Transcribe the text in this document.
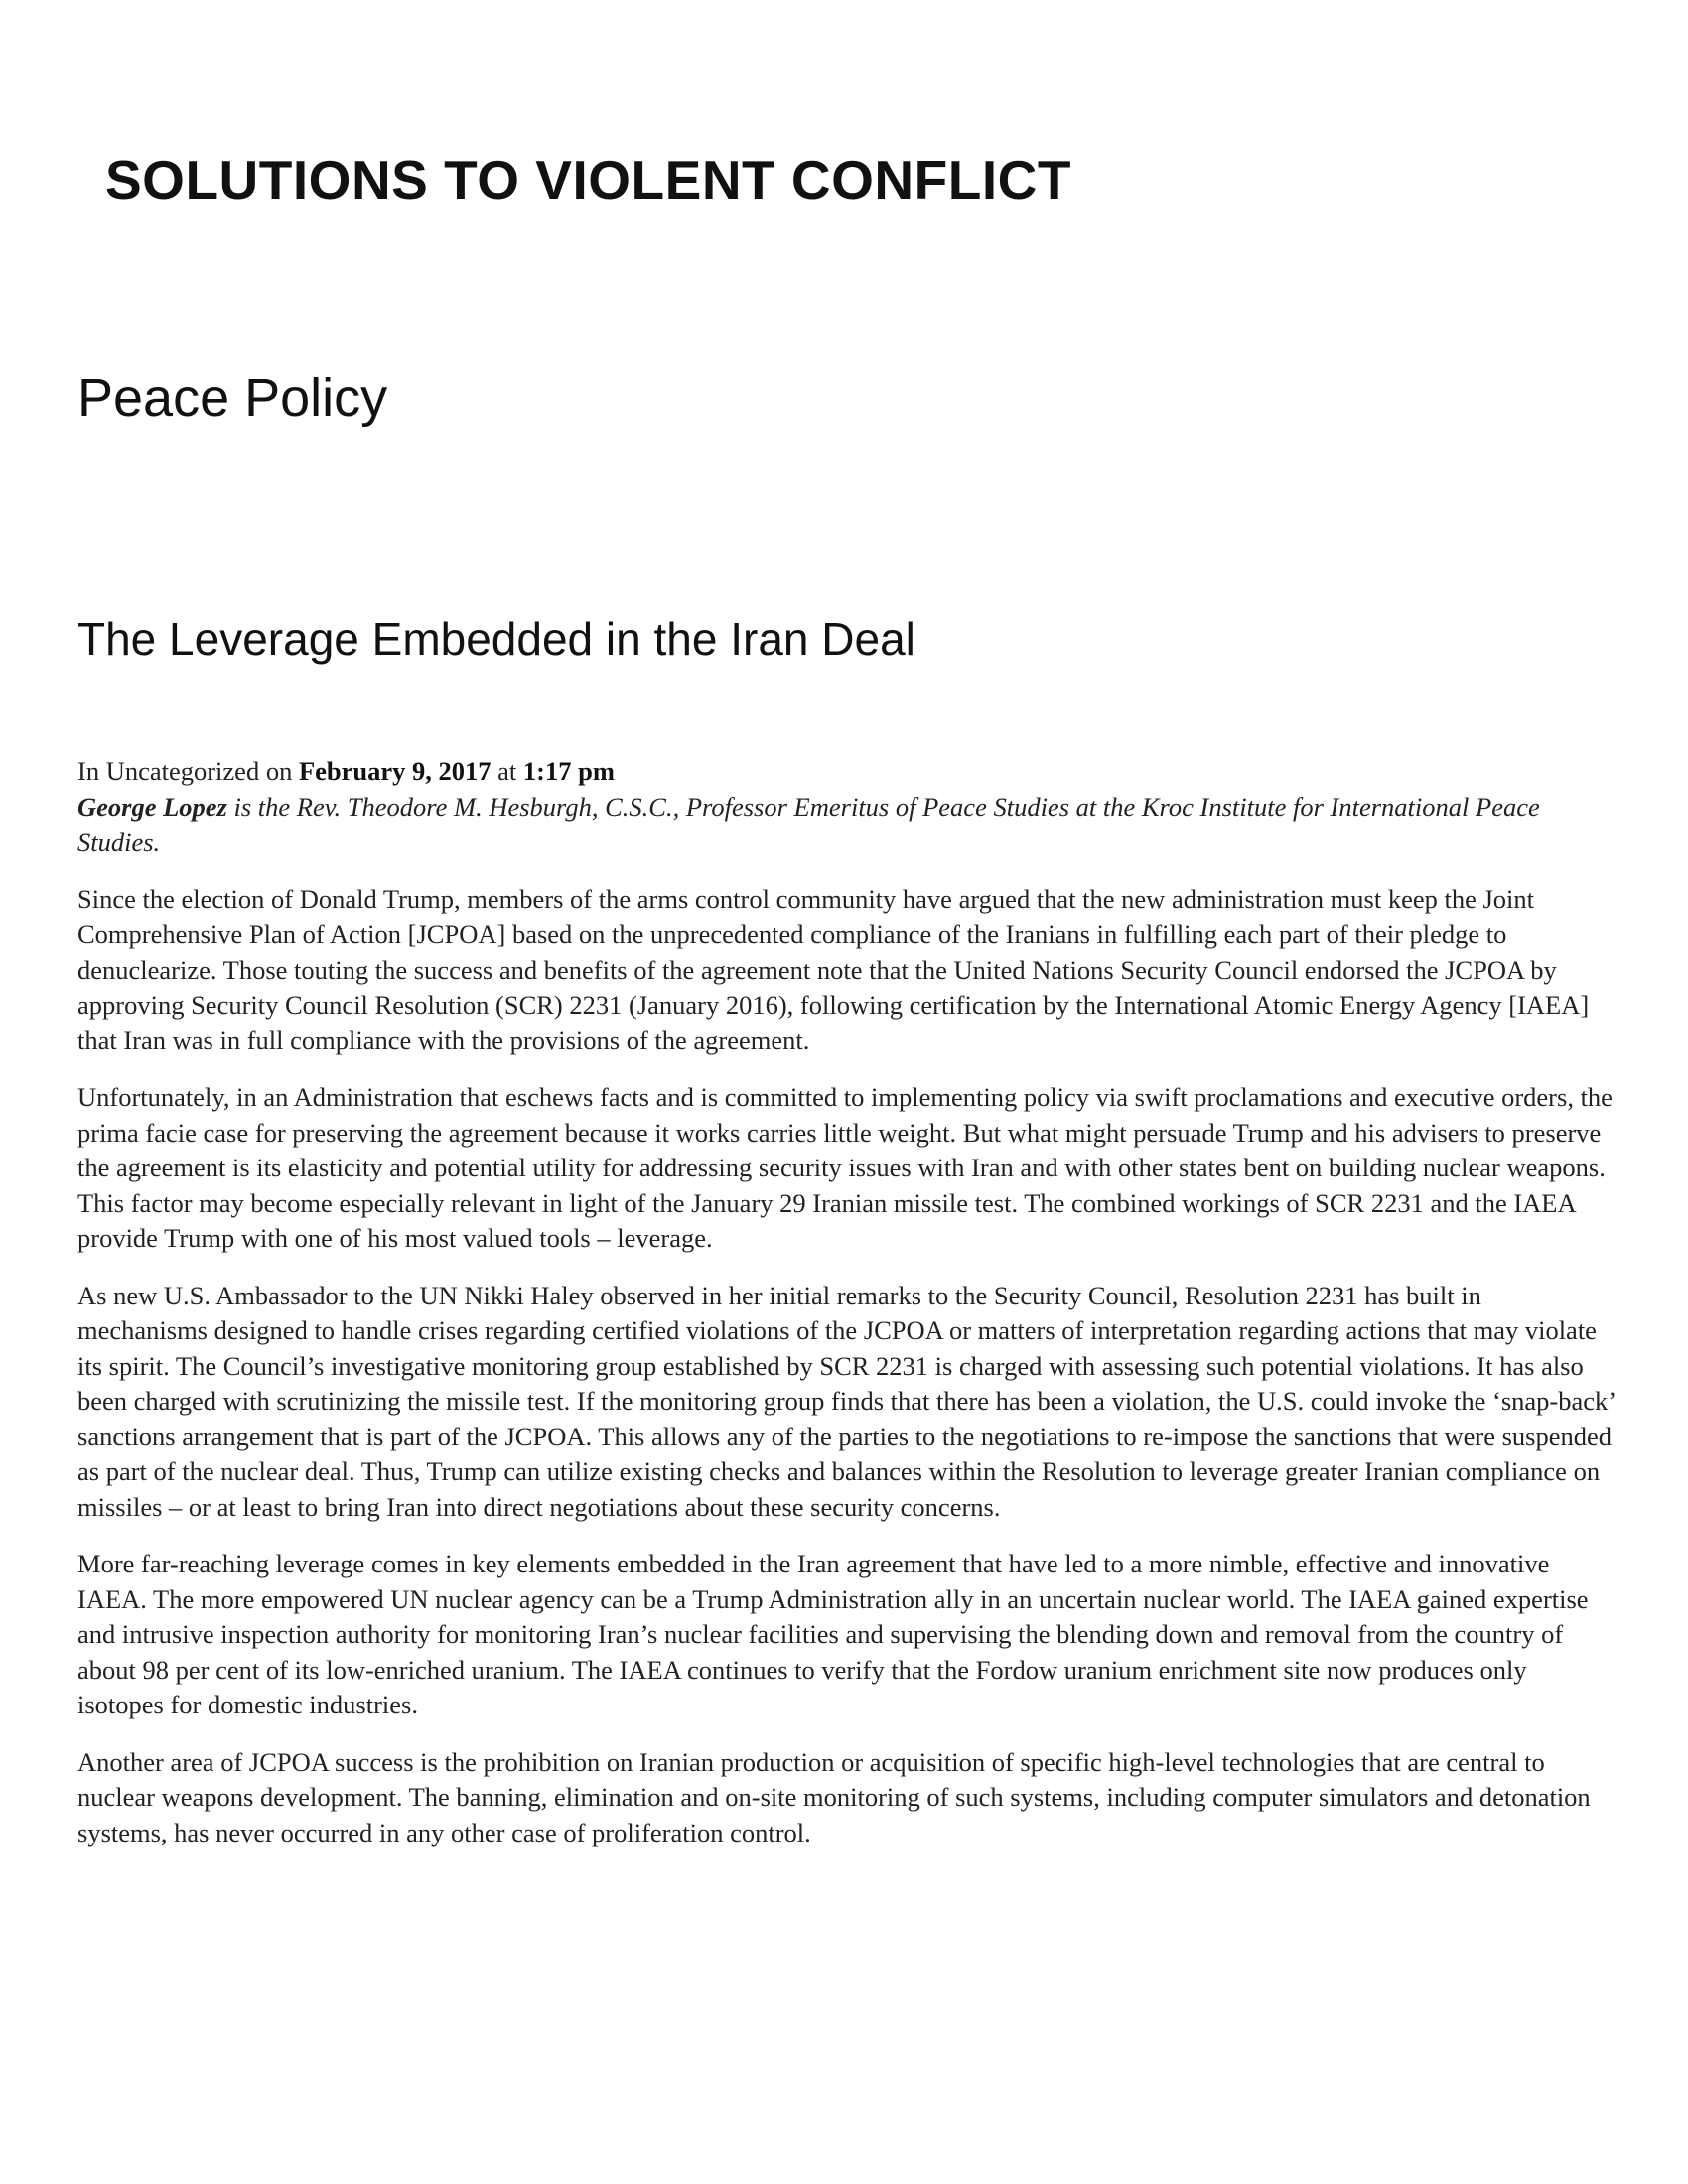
SOLUTIONS TO VIOLENT CONFLICT
Peace Policy
The Leverage Embedded in the Iran Deal

In Uncategorized on February 9, 2017 at 1:17 pm

George Lopez is the Rev. Theodore M. Hesburgh, C.S.C., Professor Emeritus of Peace Studies at the Kroc Institute for International Peace Studies.

Since the election of Donald Trump, members of the arms control community have argued that the new administration must keep the Joint Comprehensive Plan of Action [JCPOA] based on the unprecedented compliance of the Iranians in fulfilling each part of their pledge to denuclearize. Those touting the success and benefits of the agreement note that the United Nations Security Council endorsed the JCPOA by approving Security Council Resolution (SCR) 2231 (January 2016), following certification by the International Atomic Energy Agency [IAEA] that Iran was in full compliance with the provisions of the agreement.

Unfortunately, in an Administration that eschews facts and is committed to implementing policy via swift proclamations and executive orders, the prima facie case for preserving the agreement because it works carries little weight. But what might persuade Trump and his advisers to preserve the agreement is its elasticity and potential utility for addressing security issues with Iran and with other states bent on building nuclear weapons. This factor may become especially relevant in light of the January 29 Iranian missile test. The combined workings of SCR 2231 and the IAEA provide Trump with one of his most valued tools – leverage.

As new U.S. Ambassador to the UN Nikki Haley observed in her initial remarks to the Security Council, Resolution 2231 has built in mechanisms designed to handle crises regarding certified violations of the JCPOA or matters of interpretation regarding actions that may violate its spirit. The Council’s investigative monitoring group established by SCR 2231 is charged with assessing such potential violations. It has also been charged with scrutinizing the missile test. If the monitoring group finds that there has been a violation, the U.S. could invoke the ‘snap-back’ sanctions arrangement that is part of the JCPOA. This allows any of the parties to the negotiations to re-impose the sanctions that were suspended as part of the nuclear deal. Thus, Trump can utilize existing checks and balances within the Resolution to leverage greater Iranian compliance on missiles – or at least to bring Iran into direct negotiations about these security concerns.

More far-reaching leverage comes in key elements embedded in the Iran agreement that have led to a more nimble, effective and innovative IAEA. The more empowered UN nuclear agency can be a Trump Administration ally in an uncertain nuclear world. The IAEA gained expertise and intrusive inspection authority for monitoring Iran’s nuclear facilities and supervising the blending down and removal from the country of about 98 per cent of its low-enriched uranium. The IAEA continues to verify that the Fordow uranium enrichment site now produces only isotopes for domestic industries.

Another area of JCPOA success is the prohibition on Iranian production or acquisition of specific high-level technologies that are central to nuclear weapons development. The banning, elimination and on-site monitoring of such systems, including computer simulators and detonation systems, has never occurred in any other case of proliferation control.
